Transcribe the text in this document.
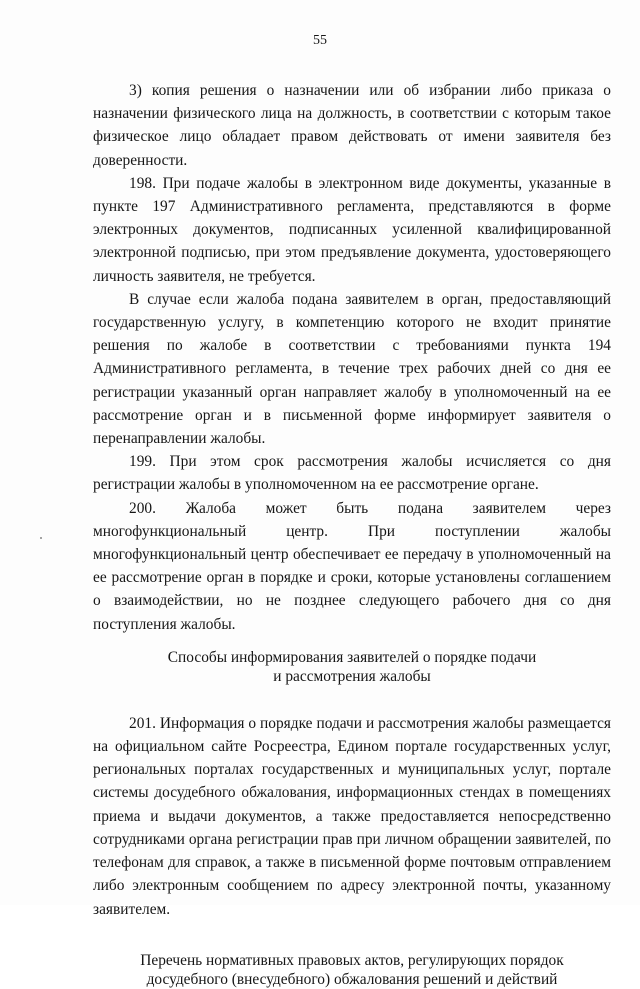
55

3) копия решения о назначении или об избрании либо приказа о назначении физического лица на должность, в соответствии с которым такое физическое лицо обладает правом действовать от имени заявителя без доверенности.

198. При подаче жалобы в электронном виде документы, указанные в пункте 197 Административного регламента, представляются в форме электронных документов, подписанных усиленной квалифицированной электронной подписью, при этом предъявление документа, удостоверяющего личность заявителя, не требуется.

В случае если жалоба подана заявителем в орган, предоставляющий государственную услугу, в компетенцию которого не входит принятие решения по жалобе в соответствии с требованиями пункта 194 Административного регламента, в течение трех рабочих дней со дня ее регистрации указанный орган направляет жалобу в уполномоченный на ее рассмотрение орган и в письменной форме информирует заявителя о перенаправлении жалобы.

199. При этом срок рассмотрения жалобы исчисляется со дня регистрации жалобы в уполномоченном на ее рассмотрение органе.

200. Жалоба может быть подана заявителем через многофункциональный центр. При поступлении жалобы многофункциональный центр обеспечивает ее передачу в уполномоченный на ее рассмотрение орган в порядке и сроки, которые установлены соглашением о взаимодействии, но не позднее следующего рабочего дня со дня поступления жалобы.

Способы информирования заявителей о порядке подачи
и рассмотрения жалобы

201. Информация о порядке подачи и рассмотрения жалобы размещается на официальном сайте Росреестра, Едином портале государственных услуг, региональных порталах государственных и муниципальных услуг, портале системы досудебного обжалования, информационных стендах в помещениях приема и выдачи документов, а также предоставляется непосредственно сотрудниками органа регистрации прав при личном обращении заявителей, по телефонам для справок, а также в письменной форме почтовым отправлением либо электронным сообщением по адресу электронной почты, указанному заявителем.

Перечень нормативных правовых актов, регулирующих порядок
досудебного (внесудебного) обжалования решений и действий
